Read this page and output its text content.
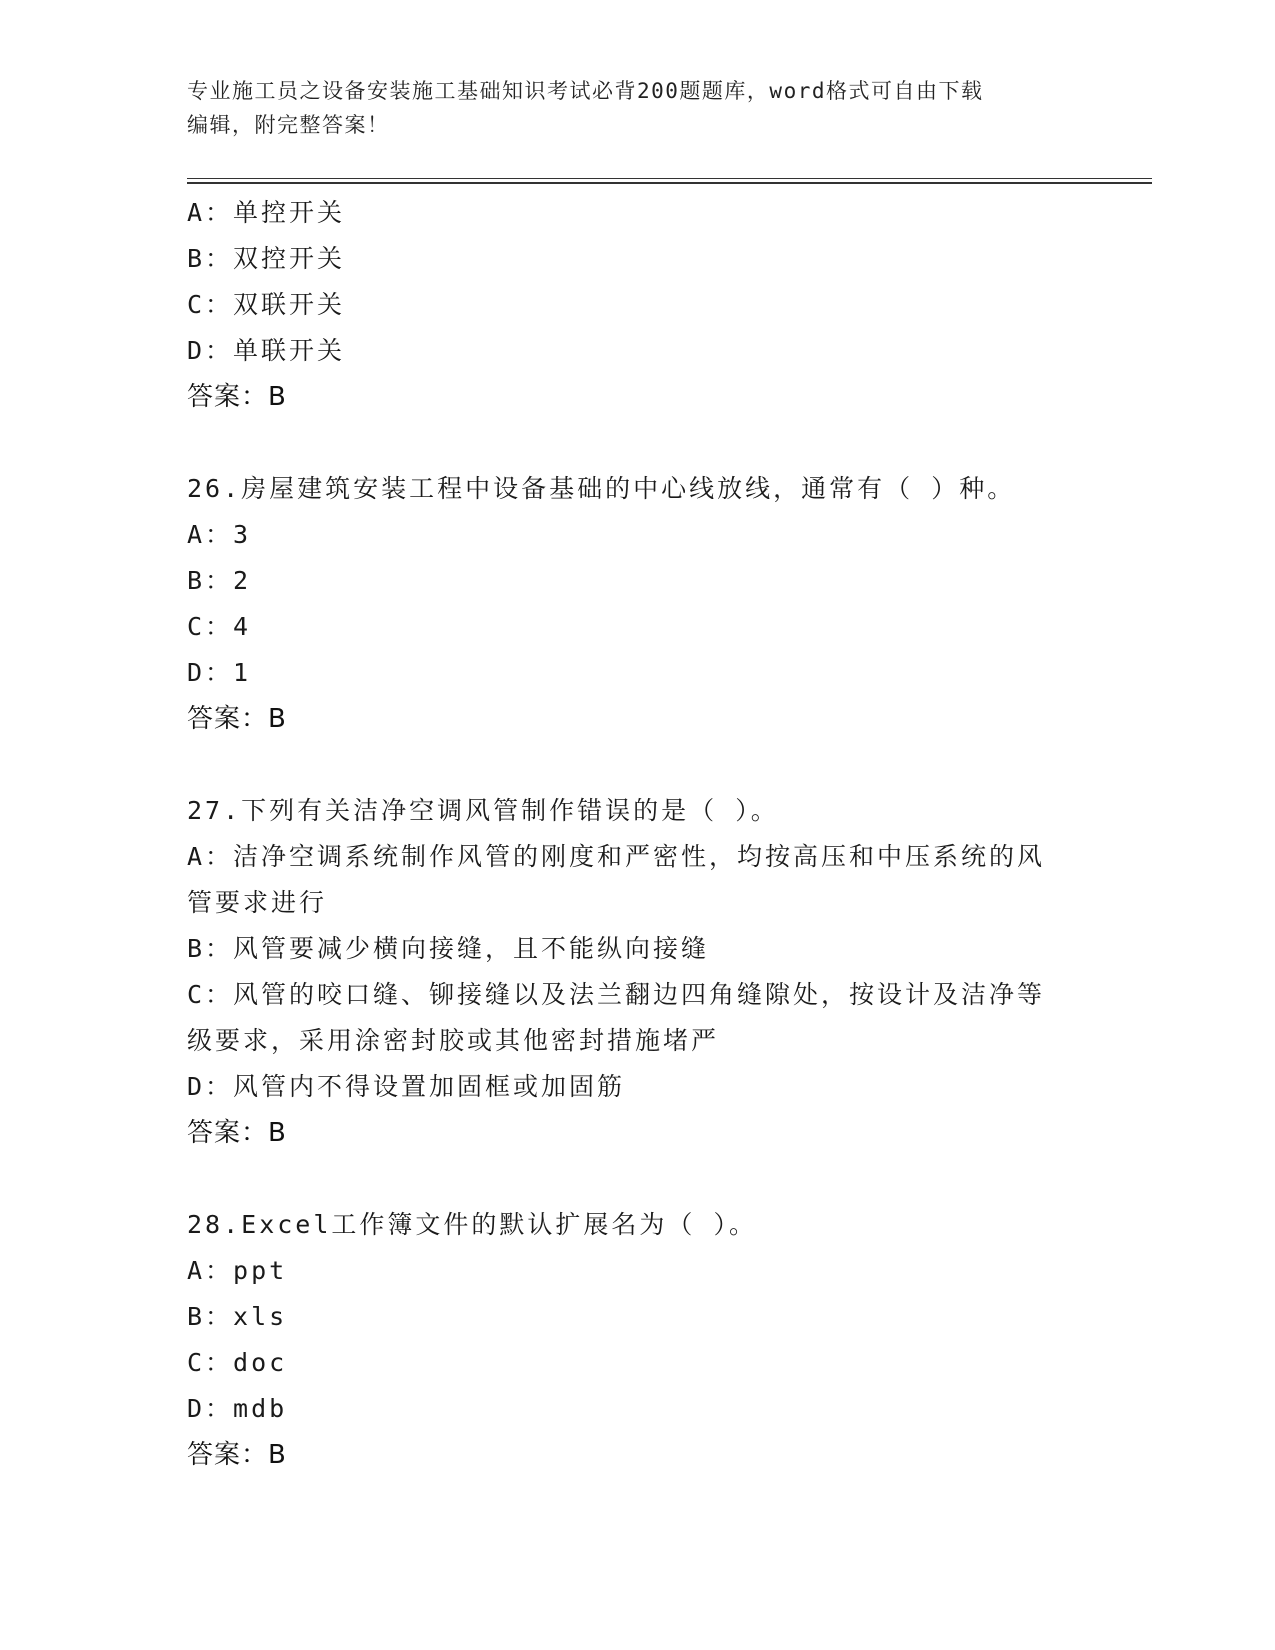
专业施工员之设备安装施工基础知识考试必背200题题库，word格式可自由下载
编辑，附完整答案！
A：单控开关
B：双控开关
C：双联开关
D：单联开关
答案：B
26.房屋建筑安装工程中设备基础的中心线放线，通常有（ ）种。
A：3
B：2
C：4
D：1
答案：B
27.下列有关洁净空调风管制作错误的是（ ）。
A：洁净空调系统制作风管的刚度和严密性，均按高压和中压系统的风
管要求进行
B：风管要减少横向接缝，且不能纵向接缝
C：风管的咬口缝、铆接缝以及法兰翻边四角缝隙处，按设计及洁净等
级要求，采用涂密封胶或其他密封措施堵严
D：风管内不得设置加固框或加固筋
答案：B
28.Excel工作簿文件的默认扩展名为（ ）。
A：ppt
B：xls
C：doc
D：mdb
答案：B
